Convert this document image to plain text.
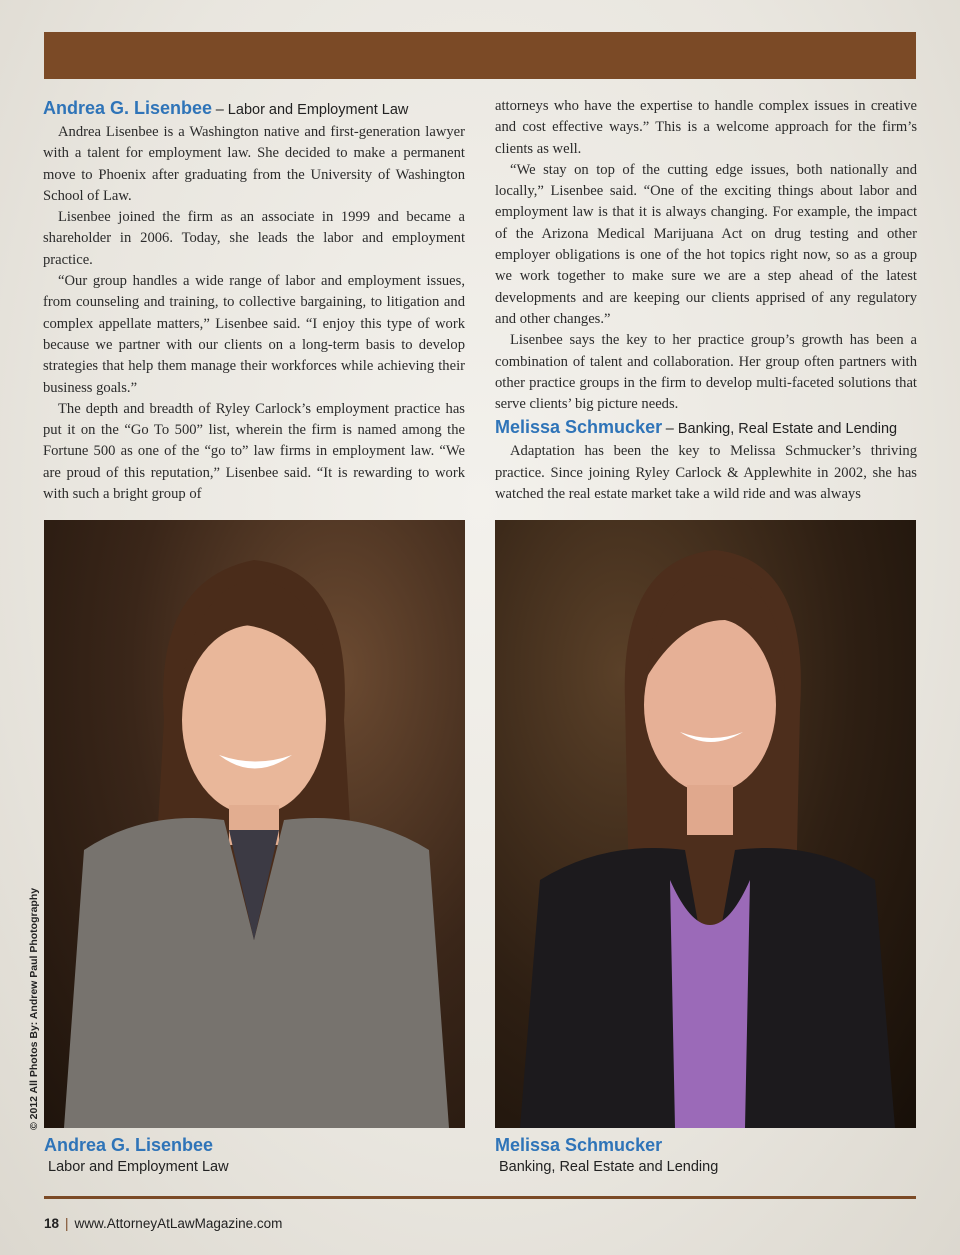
Andrea G. Lisenbee – Labor and Employment Law

Andrea Lisenbee is a Washington native and first-generation lawyer with a talent for employment law. She decided to make a permanent move to Phoenix after graduating from the University of Washington School of Law.

Lisenbee joined the firm as an associate in 1999 and became a shareholder in 2006. Today, she leads the labor and employment practice.

“Our group handles a wide range of labor and employment issues, from counseling and training, to collective bargaining, to litigation and complex appellate matters,” Lisenbee said. “I enjoy this type of work because we partner with our clients on a long-term basis to develop strategies that help them manage their workforces while achieving their business goals.”

The depth and breadth of Ryley Carlock’s employment practice has put it on the “Go To 500” list, wherein the firm is named among the Fortune 500 as one of the “go to” law firms in employment law. “We are proud of this reputation,” Lisenbee said. “It is rewarding to work with such a bright group of

attorneys who have the expertise to handle complex issues in creative and cost effective ways.” This is a welcome approach for the firm’s clients as well.

“We stay on top of the cutting edge issues, both nationally and locally,” Lisenbee said. “One of the exciting things about labor and employment law is that it is always changing. For example, the impact of the Arizona Medical Marijuana Act on drug testing and other employer obligations is one of the hot topics right now, so as a group we work together to make sure we are a step ahead of the latest developments and are keeping our clients apprised of any regulatory and other changes.”

Lisenbee says the key to her practice group’s growth has been a combination of talent and collaboration. Her group often partners with other practice groups in the firm to develop multi-faceted solutions that serve clients’ big picture needs.

Melissa Schmucker – Banking, Real Estate and Lending

Adaptation has been the key to Melissa Schmucker’s thriving practice. Since joining Ryley Carlock & Applewhite in 2002, she has watched the real estate market take a wild ride and was always

© 2012 All Photos By: Andrew Paul Photography
Andrea G. Lisenbee
Labor and Employment Law
Melissa Schmucker
Banking, Real Estate and Lending
18 | www.AttorneyAtLawMagazine.com
